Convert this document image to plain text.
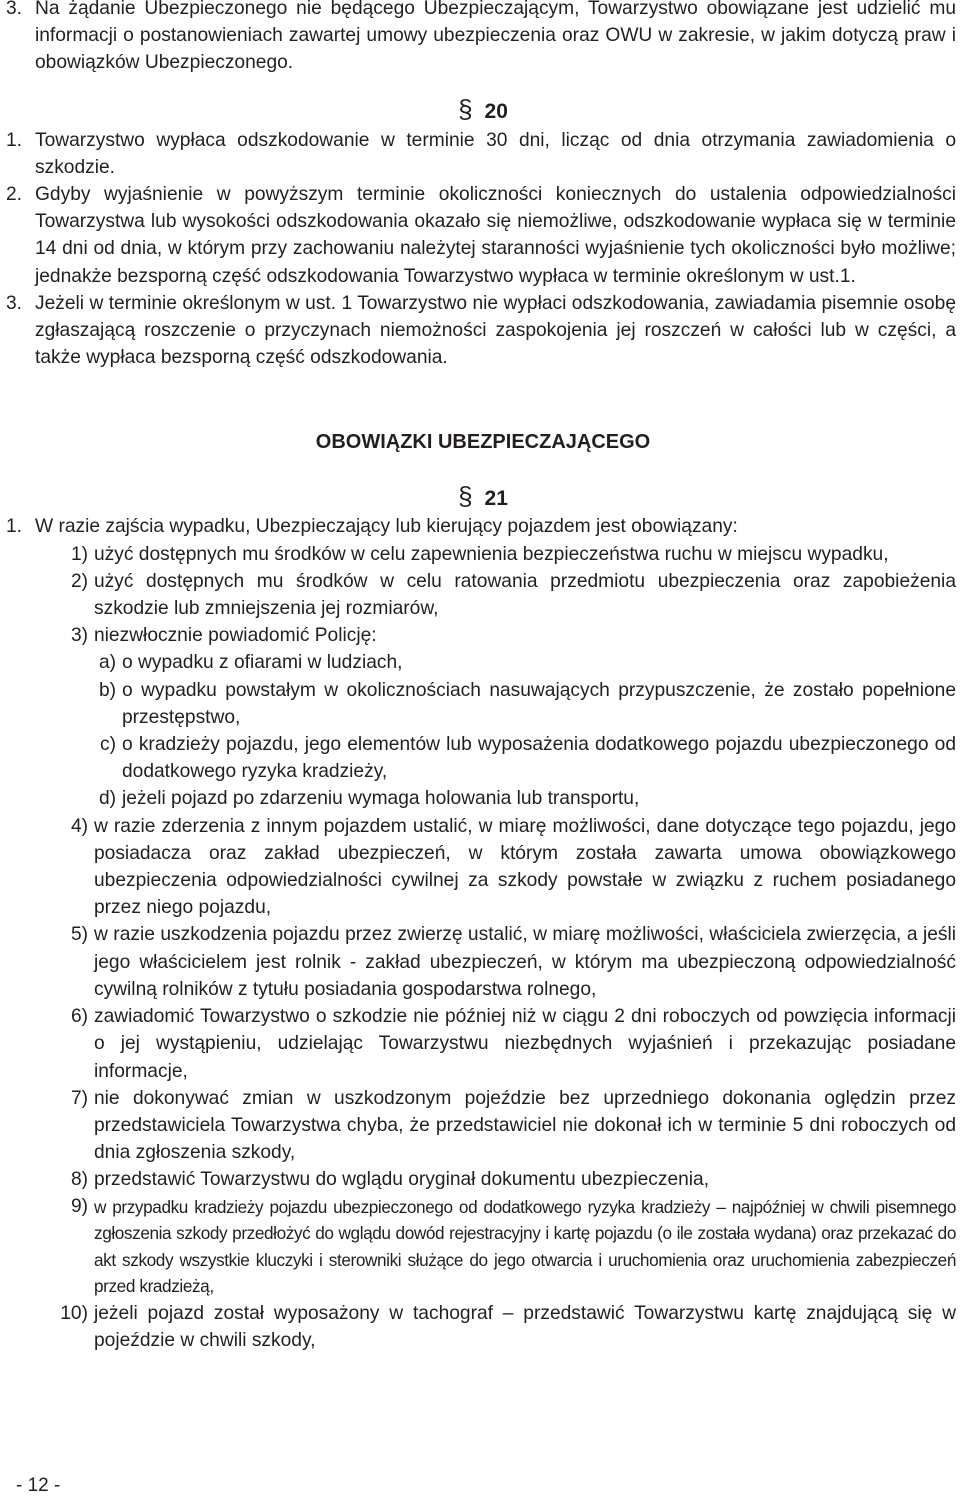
3. Na żądanie Ubezpieczonego nie będącego Ubezpieczającym, Towarzystwo obowiązane jest udzielić mu informacji o postanowieniach zawartej umowy ubezpieczenia oraz OWU w zakresie, w jakim dotyczą praw i obowiązków Ubezpieczonego.
§ 20
1. Towarzystwo wypłaca odszkodowanie w terminie 30 dni, licząc od dnia otrzymania zawiadomienia o szkodzie.
2. Gdyby wyjaśnienie w powyższym terminie okoliczności koniecznych do ustalenia odpowiedzialności Towarzystwa lub wysokości odszkodowania okazało się niemożliwe, odszkodowanie wypłaca się w terminie 14 dni od dnia, w którym przy zachowaniu należytej staranności wyjaśnienie tych okoliczności było możliwe; jednakże bezsporną część odszkodowania Towarzystwo wypłaca w terminie określonym w ust.1.
3. Jeżeli w terminie określonym w ust. 1 Towarzystwo nie wypłaci odszkodowania, zawiadamia pisemnie osobę zgłaszającą roszczenie o przyczynach niemożności zaspokojenia jej roszczeń w całości lub w części, a także wypłaca bezsporną część odszkodowania.
OBOWIĄZKI UBEZPIECZAJĄCEGO
§ 21
1. W razie zajścia wypadku, Ubezpieczający lub kierujący pojazdem jest obowiązany:
1) użyć dostępnych mu środków w celu zapewnienia bezpieczeństwa ruchu w miejscu wypadku,
2) użyć dostępnych mu środków w celu ratowania przedmiotu ubezpieczenia oraz zapobieżenia szkodzie lub zmniejszenia jej rozmiarów,
3) niezwłocznie powiadomić Policję:
a) o wypadku z ofiarami w ludziach,
b) o wypadku powstałym w okolicznościach nasuwających przypuszczenie, że zostało popełnione przestępstwo,
c) o kradzieży pojazdu, jego elementów lub wyposażenia dodatkowego pojazdu ubezpieczonego od dodatkowego ryzyka kradzieży,
d) jeżeli pojazd po zdarzeniu wymaga holowania lub transportu,
4) w razie zderzenia z innym pojazdem ustalić, w miarę możliwości, dane dotyczące tego pojazdu, jego posiadacza oraz zakład ubezpieczeń, w którym została zawarta umowa obowiązkowego ubezpieczenia odpowiedzialności cywilnej za szkody powstałe w związku z ruchem posiadanego przez niego pojazdu,
5) w razie uszkodzenia pojazdu przez zwierzę ustalić, w miarę możliwości, właściciela zwierzęcia, a jeśli jego właścicielem jest rolnik - zakład ubezpieczeń, w którym ma ubezpieczoną odpowiedzialność cywilną rolników z tytułu posiadania gospodarstwa rolnego,
6) zawiadomić Towarzystwo o szkodzie nie później niż w ciągu 2 dni roboczych od powzięcia informacji o jej wystąpieniu, udzielając Towarzystwu niezbędnych wyjaśnień i przekazując posiadane informacje,
7) nie dokonywać zmian w uszkodzonym pojeździe bez uprzedniego dokonania oględzin przez przedstawiciela Towarzystwa chyba, że przedstawiciel nie dokonał ich w terminie 5 dni roboczych od dnia zgłoszenia szkody,
8) przedstawić Towarzystwu do wglądu oryginał dokumentu ubezpieczenia,
9) w przypadku kradzieży pojazdu ubezpieczonego od dodatkowego ryzyka kradzieży – najpóźniej w chwili pisemnego zgłoszenia szkody przedłożyć do wglądu dowód rejestracyjny i kartę pojazdu (o ile została wydana) oraz przekazać do akt szkody wszystkie kluczyki i sterowniki służące do jego otwarcia i uruchomienia oraz uruchomienia zabezpieczeń przed kradzieżą,
10) jeżeli pojazd został wyposażony w tachograf – przedstawić Towarzystwu kartę znajdującą się w pojeździe w chwili szkody,
- 12 -
